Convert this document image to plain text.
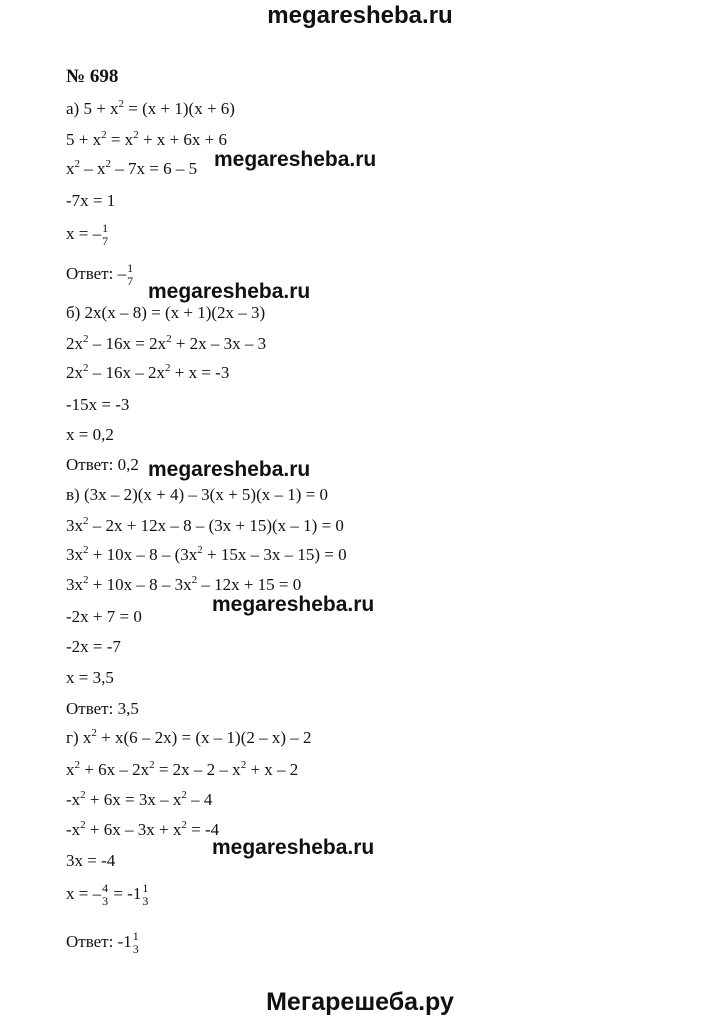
megaresheba.ru
№ 698
а) $5 + x^2 = (x + 1)(x + 6)$
$5 + x^2 = x^2 + x + 6x + 6$
$x^2 - x^2 - 7x = 6 - 5$
-7x = 1
x = – 1
7
Ответ: – 1
7
б) 2x(x – 8) = (x + 1)(2x – 3)
$2x^2 - 16x = 2x^2 + 2x - 3x - 3$
$2x^2 - 16x - 2x^2 + x = -3$
-15x = -3
x = 0,2
Ответ: 0,2
в) (3x – 2)(x + 4) – 3(x + 5)(x – 1) = 0
$3x^2 - 2x + 12x - 8 - (3x + 15)(x - 1) = 0$
$3x^2 + 10x - 8 - (3x^2 + 15x - 3x - 15) = 0$
$3x^2 + 10x - 8 - 3x^2 - 12x + 15 = 0$
-2x + 7 = 0
-2x = -7
x = 3,5
Ответ: 3,5
г) $x^2 + x(6 - 2x) = (x - 1)(2 - x) - 2$
$x^2 + 6x - 2x^2 = 2x - 2 - x^2 + x - 2$
$-x^2 + 6x = 3x - x^2 - 4$
$-x^2 + 6x - 3x + x^2 = -4$
3x = -4
x = – 4
3 = -1 1
3
Ответ: -1 1
3
megaresheba.ru
megaresheba.ru
megaresheba.ru
megaresheba.ru
megaresheba.ru
Мегарешеба.ру
